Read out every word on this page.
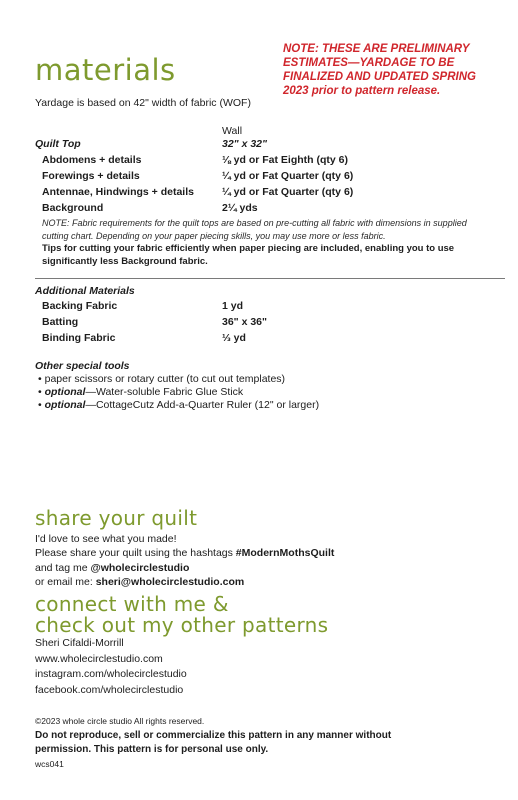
materials
NOTE: THESE ARE PRELIMINARY ESTIMATES—YARDAGE TO BE FINALIZED AND UPDATED SPRING 2023 prior to pattern release.
Yardage is based on 42" width of fabric (WOF)
Wall
Quilt Top	32" x 32"
Abdomens + details	⅛ yd or Fat Eighth (qty 6)
Forewings + details	¼ yd or Fat Quarter (qty 6)
Antennae, Hindwings + details	¼ yd or Fat Quarter (qty 6)
Background	2¼ yds
NOTE: Fabric requirements for the quilt tops are based on pre-cutting all fabric with dimensions in supplied cutting chart. Depending on your paper piecing skills, you may use more or less fabric.
Tips for cutting your fabric efficiently when paper piecing are included, enabling you to use significantly less Background fabric.
Additional Materials
Backing Fabric	1 yd
Batting	36" x 36"
Binding Fabric	⅓ yd
Other special tools
• paper scissors or rotary cutter (to cut out templates)
• optional—Water-soluble Fabric Glue Stick
• optional—CottageCutz Add-a-Quarter Ruler (12" or larger)
share your quilt
I'd love to see what you made!
Please share your quilt using the hashtags #ModernMothsQuilt
and tag me @wholecirclestudio
or email me: sheri@wholecirclestudio.com
connect with me &
check out my other patterns
Sheri Cifaldi-Morrill
www.wholecirclestudio.com
instagram.com/wholecirclestudio
facebook.com/wholecirclestudio
©2023 whole circle studio All rights reserved.
Do not reproduce, sell or commercialize this pattern in any manner without permission. This pattern is for personal use only.
wcs041
